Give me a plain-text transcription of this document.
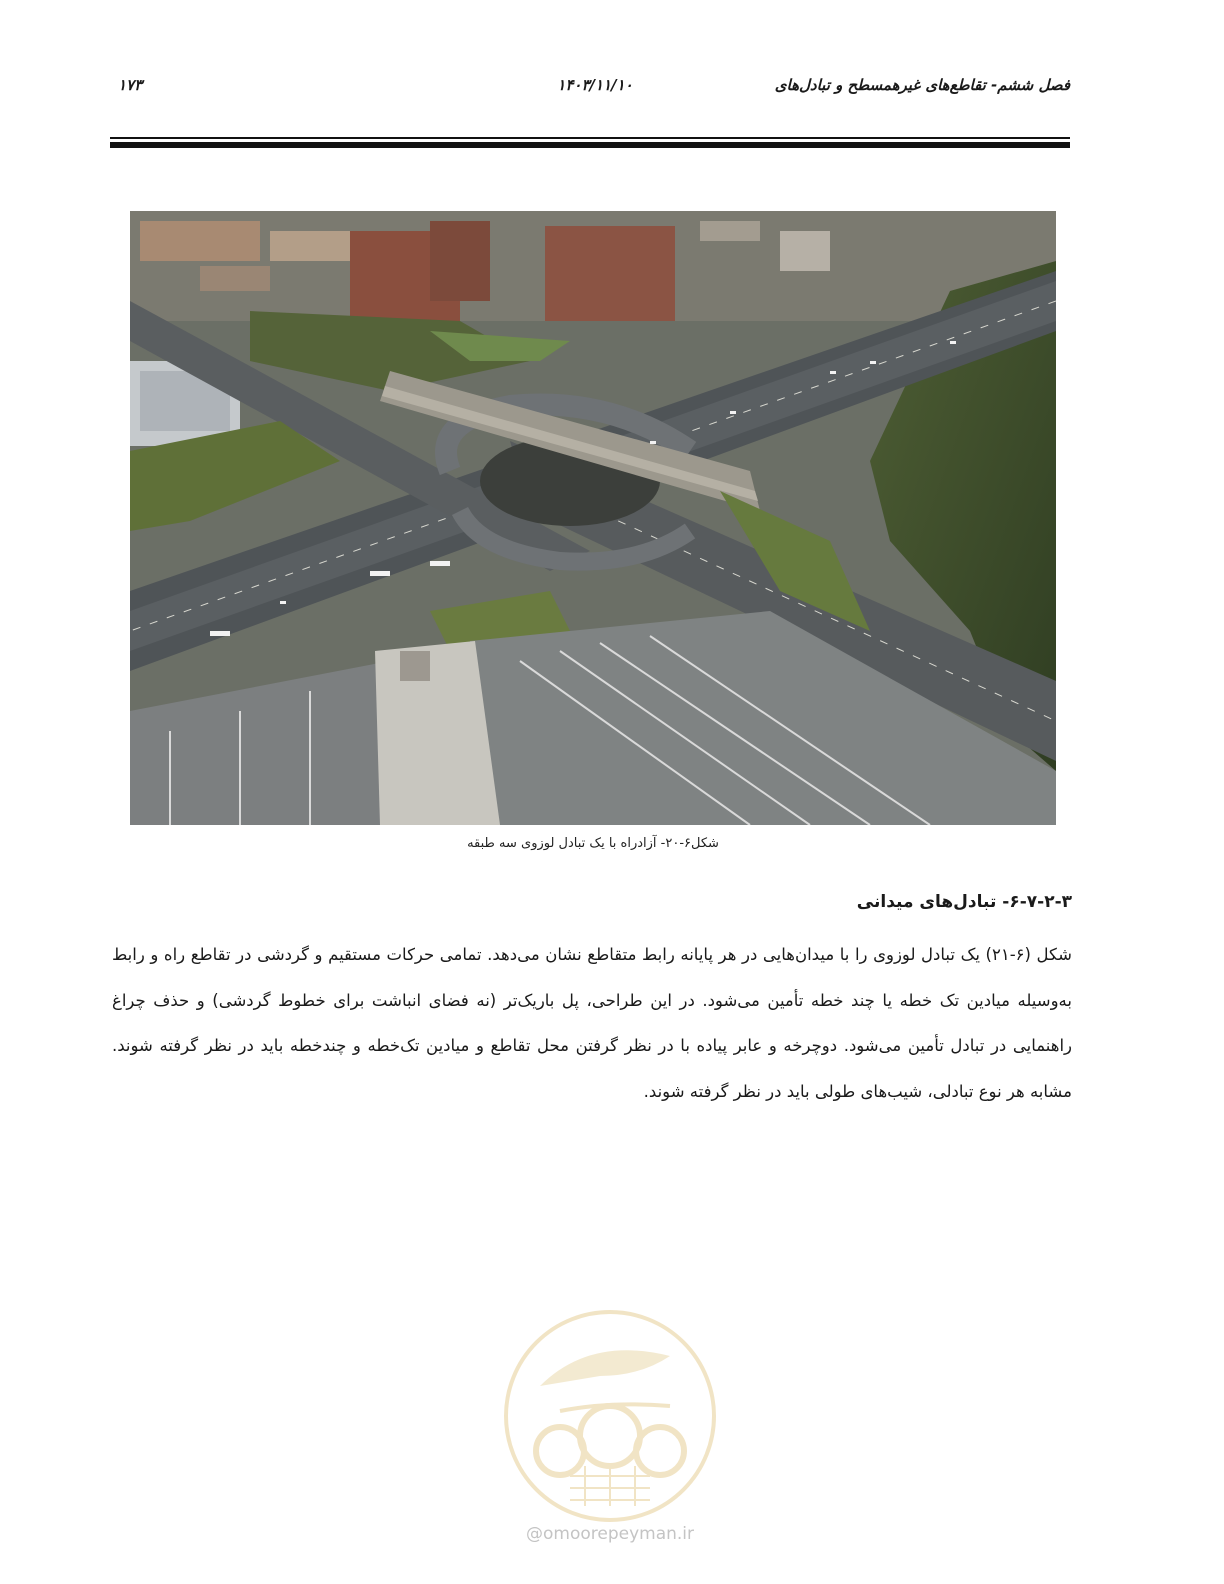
فصل ششم- تقاطع‌های غیرهمسطح و تبادل‌های
۱۴۰۳/۱۱/۱۰
۱۷۳
شکل۶-۲۰- آزادراه با یک تبادل لوزوی سه طبقه
۶-۷-۲-۳- تبادل‌های میدانی

شکل (۶-۲۱) یک تبادل لوزوی را با میدان‌هایی در هر پایانه رابط متقاطع نشان می‌دهد. تمامی حرکات مستقیم و گردشی در تقاطع راه و رابط به‌وسیله میادین تک خطه یا چند خطه تأمین می‌شود. در این طراحی، پل باریک‌تر (نه فضای انباشت برای خطوط گردشی) و حذف چراغ راهنمایی در تبادل تأمین می‌شود. دوچرخه و عابر پیاده با در نظر گرفتن محل تقاطع و میادین تک‌خطه و چندخطه باید در نظر گرفته شوند. مشابه هر نوع تبادلی، شیب‌های طولی باید در نظر گرفته شوند.

@omoorepeyman.ir
